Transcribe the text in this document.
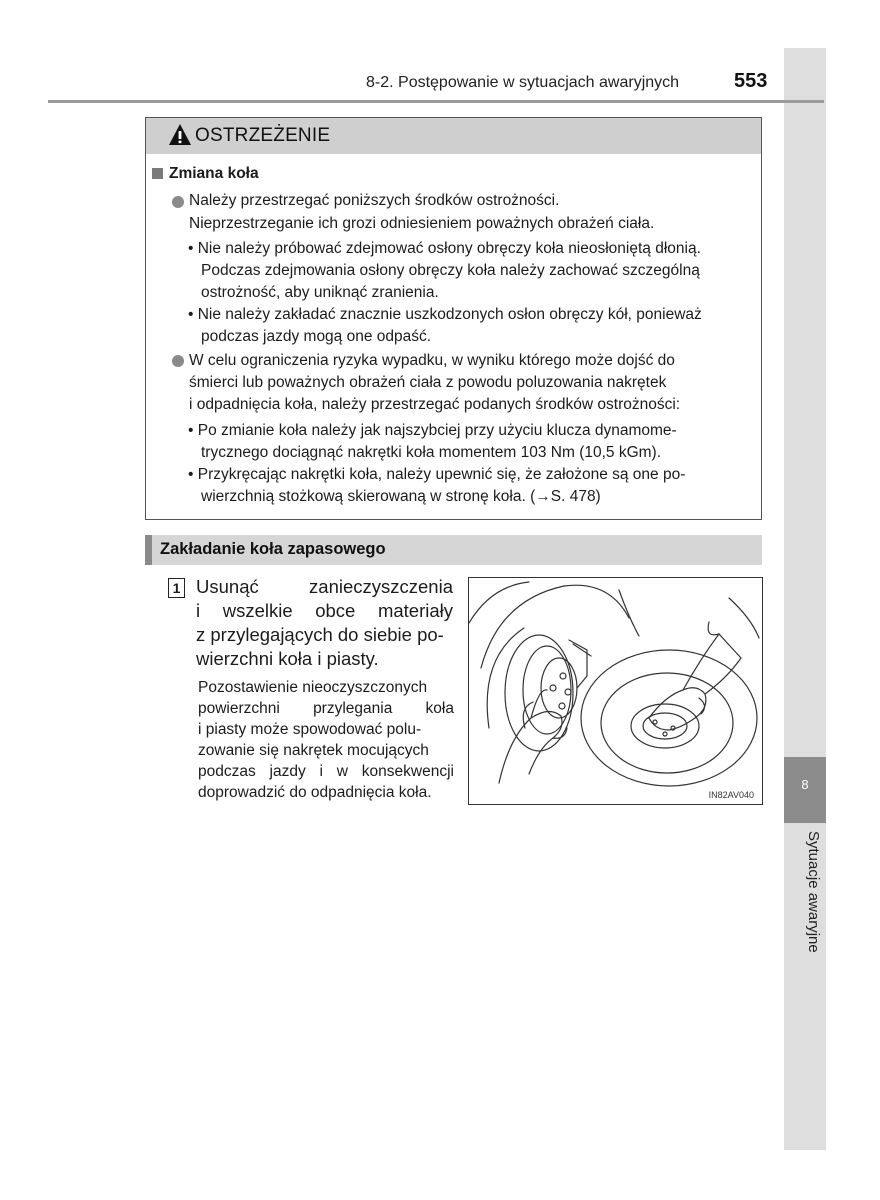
8
Sytuacje awaryjne
8-2. Postępowanie w sytuacjach awaryjnych	553
OSTRZEŻENIE
Zmiana koła
Należy przestrzegać poniższych środków ostrożności.
Nieprzestrzeganie ich grozi odniesieniem poważnych obrażeń ciała.
• Nie należy próbować zdejmować osłony obręczy koła nieosłoniętą dłonią.
Podczas zdejmowania osłony obręczy koła należy zachować szczególną
ostrożność, aby uniknąć zranienia.
• Nie należy zakładać znacznie uszkodzonych osłon obręczy kół, ponieważ
podczas jazdy mogą one odpaść.
W celu ograniczenia ryzyka wypadku, w wyniku którego może dojść do
śmierci lub poważnych obrażeń ciała z powodu poluzowania nakrętek
i odpadnięcia koła, należy przestrzegać podanych środków ostrożności:
• Po zmianie koła należy jak najszybciej przy użyciu klucza dynamome-
trycznego dociągnąć nakrętki koła momentem 103 Nm (10,5 kGm).
• Przykręcając nakrętki koła, należy upewnić się, że założone są one po-
wierzchnią stożkową skierowaną w stronę koła. (→S. 478)
Zakładanie koła zapasowego
1 Usunąć zanieczyszczenia
i wszelkie obce materiały
z przylegających do siebie po-
wierzchni koła i piasty.
Pozostawienie nieoczyszczonych
powierzchni przylegania koła
i piasty może spowodować polu-
zowanie się nakrętek mocujących
podczas jazdy i w konsekwencji
doprowadzić do odpadnięcia koła.	IN82AV040
